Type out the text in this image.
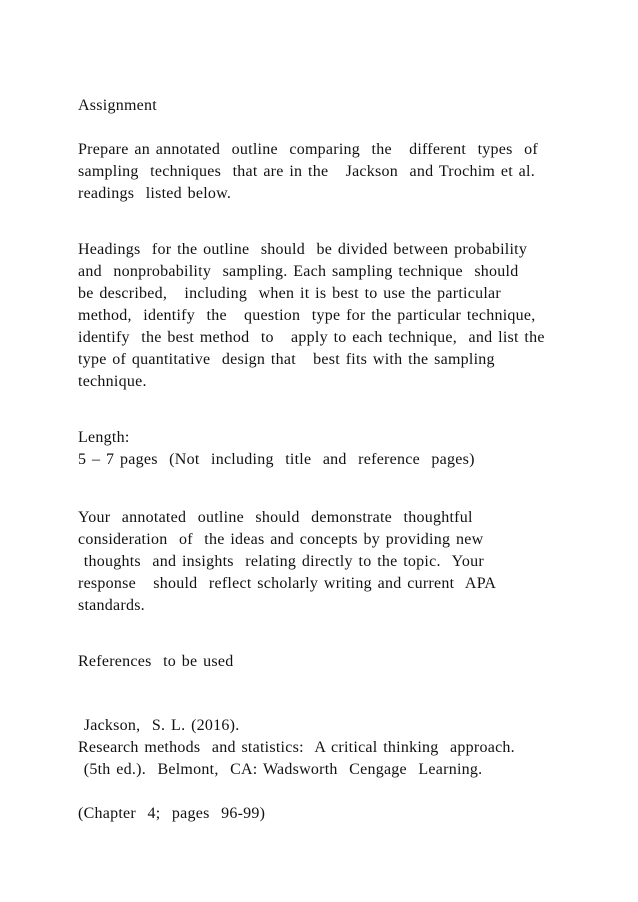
Assignment
Prepare an annotated  outline  comparing  the   different  types  of
sampling  techniques  that are in the   Jackson  and Trochim et al.
readings  listed below.
Headings  for the outline  should  be divided between probability
and  nonprobability  sampling. Each sampling technique  should
be described,   including  when it is best to use the particular
method,  identify  the   question  type for the particular technique,
identify  the best method  to   apply to each technique,  and list the
type of quantitative  design that   best fits with the sampling
technique.
Length:
5 – 7 pages  (Not  including  title  and  reference  pages)
Your  annotated  outline  should  demonstrate  thoughtful
consideration  of  the ideas and concepts by providing new
thoughts  and insights  relating directly to the topic.  Your
response   should  reflect scholarly writing and current  APA
standards.
References  to be used
Jackson,  S. L. (2016).
Research methods  and statistics:  A critical thinking  approach.
(5th ed.).  Belmont,  CA: Wadsworth  Cengage  Learning.
(Chapter  4;  pages  96-99)
